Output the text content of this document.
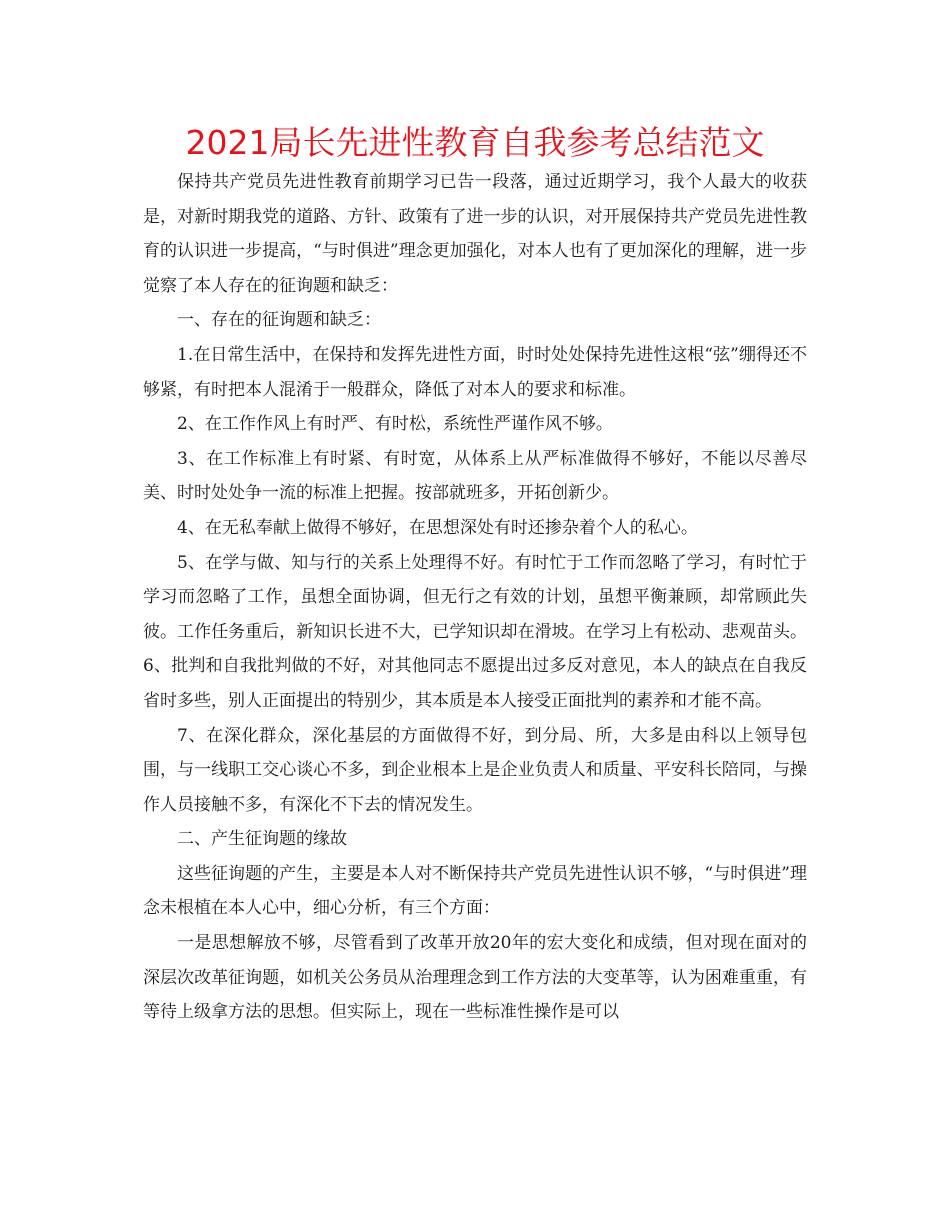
2021局长先进性教育自我参考总结范文

保持共产党员先进性教育前期学习已告一段落，通过近期学习，我个人最大的收获是，对新时期我党的道路、方针、政策有了进一步的认识，对开展保持共产党员先进性教育的认识进一步提高，“与时俱进”理念更加强化，对本人也有了更加深化的理解，进一步觉察了本人存在的征询题和缺乏：

一、存在的征询题和缺乏：

1.在日常生活中，在保持和发挥先进性方面，时时处处保持先进性这根“弦”绷得还不够紧，有时把本人混淆于一般群众，降低了对本人的要求和标准。

2、在工作作风上有时严、有时松，系统性严谨作风不够。

3、在工作标准上有时紧、有时宽，从体系上从严标准做得不够好，不能以尽善尽美、时时处处争一流的标准上把握。按部就班多，开拓创新少。

4、在无私奉献上做得不够好，在思想深处有时还掺杂着个人的私心。

5、在学与做、知与行的关系上处理得不好。有时忙于工作而忽略了学习，有时忙于学习而忽略了工作，虽想全面协调，但无行之有效的计划，虽想平衡兼顾，却常顾此失彼。工作任务重后，新知识长进不大，已学知识却在滑坡。在学习上有松动、悲观苗头。6、批判和自我批判做的不好，对其他同志不愿提出过多反对意见，本人的缺点在自我反省时多些，别人正面提出的特别少，其本质是本人接受正面批判的素养和才能不高。

7、在深化群众，深化基层的方面做得不好，到分局、所，大多是由科以上领导包围，与一线职工交心谈心不多，到企业根本上是企业负责人和质量、平安科长陪同，与操作人员接触不多，有深化不下去的情况发生。

二、产生征询题的缘故

这些征询题的产生，主要是本人对不断保持共产党员先进性认识不够，“与时俱进”理念未根植在本人心中，细心分析，有三个方面：

一是思想解放不够，尽管看到了改革开放20年的宏大变化和成绩，但对现在面对的深层次改革征询题，如机关公务员从治理理念到工作方法的大变革等，认为困难重重，有等待上级拿方法的思想。但实际上，现在一些标准性操作是可以
